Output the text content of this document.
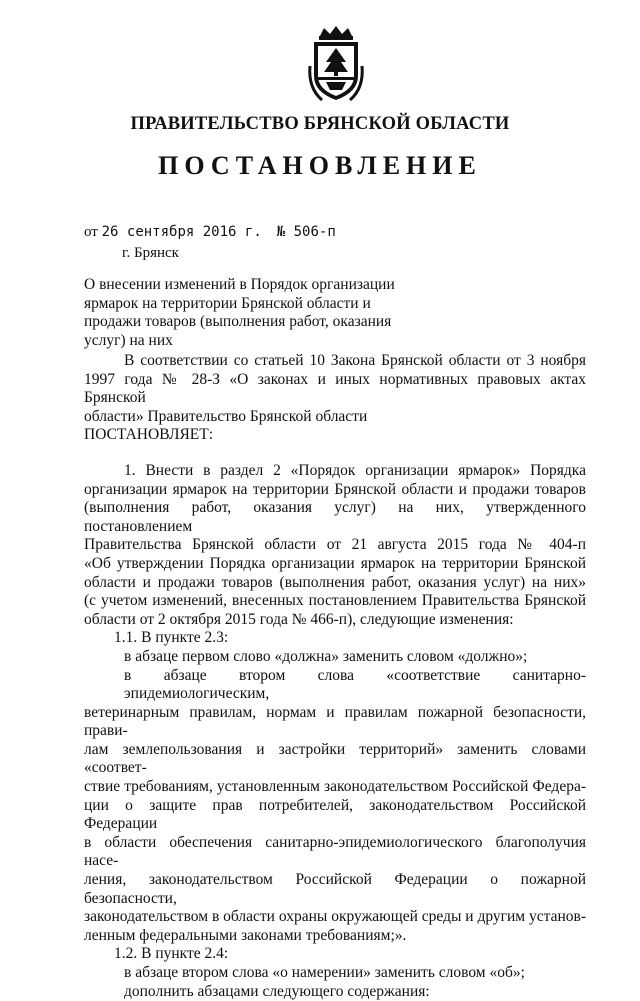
ПРАВИТЕЛЬСТВО БРЯНСКОЙ ОБЛАСТИ
ПОСТАНОВЛЕНИЕ
от 26 сентября 2016 г. № 506-п
г. Брянск
О внесении изменений в Порядок организации
ярмарок на территории Брянской области и
продажи товаров (выполнения работ, оказания
услуг) на них
В соответствии со статьей 10 Закона Брянской области от 3 ноября
1997 года № 28-З «О законах и иных нормативных правовых актах Брянской
области» Правительство Брянской области
ПОСТАНОВЛЯЕТ:
1. Внести в раздел 2 «Порядок организации ярмарок» Порядка
организации ярмарок на территории Брянской области и продажи товаров
(выполнения работ, оказания услуг) на них, утвержденного постановлением
Правительства Брянской области от 21 августа 2015 года № 404-п
«Об утверждении Порядка организации ярмарок на территории Брянской
области и продажи товаров (выполнения работ, оказания услуг) на них»
(с учетом изменений, внесенных постановлением Правительства Брянской
области от 2 октября 2015 года № 466-п), следующие изменения:
1.1. В пункте 2.3:
в абзаце первом слово «должна» заменить словом «должно»;
в абзаце втором слова «соответствие санитарно-эпидемиологическим,
ветеринарным правилам, нормам и правилам пожарной безопасности, прави-
лам землепользования и застройки территорий» заменить словами «соответ-
ствие требованиям, установленным законодательством Российской Федера-
ции о защите прав потребителей, законодательством Российской Федерации
в области обеспечения санитарно-эпидемиологического благополучия насе-
ления, законодательством Российской Федерации о пожарной безопасности,
законодательством в области охраны окружающей среды и другим установ-
ленным федеральными законами требованиям;».
1.2. В пункте 2.4:
в абзаце втором слова «о намерении» заменить словом «об»;
дополнить абзацами следующего содержания:
